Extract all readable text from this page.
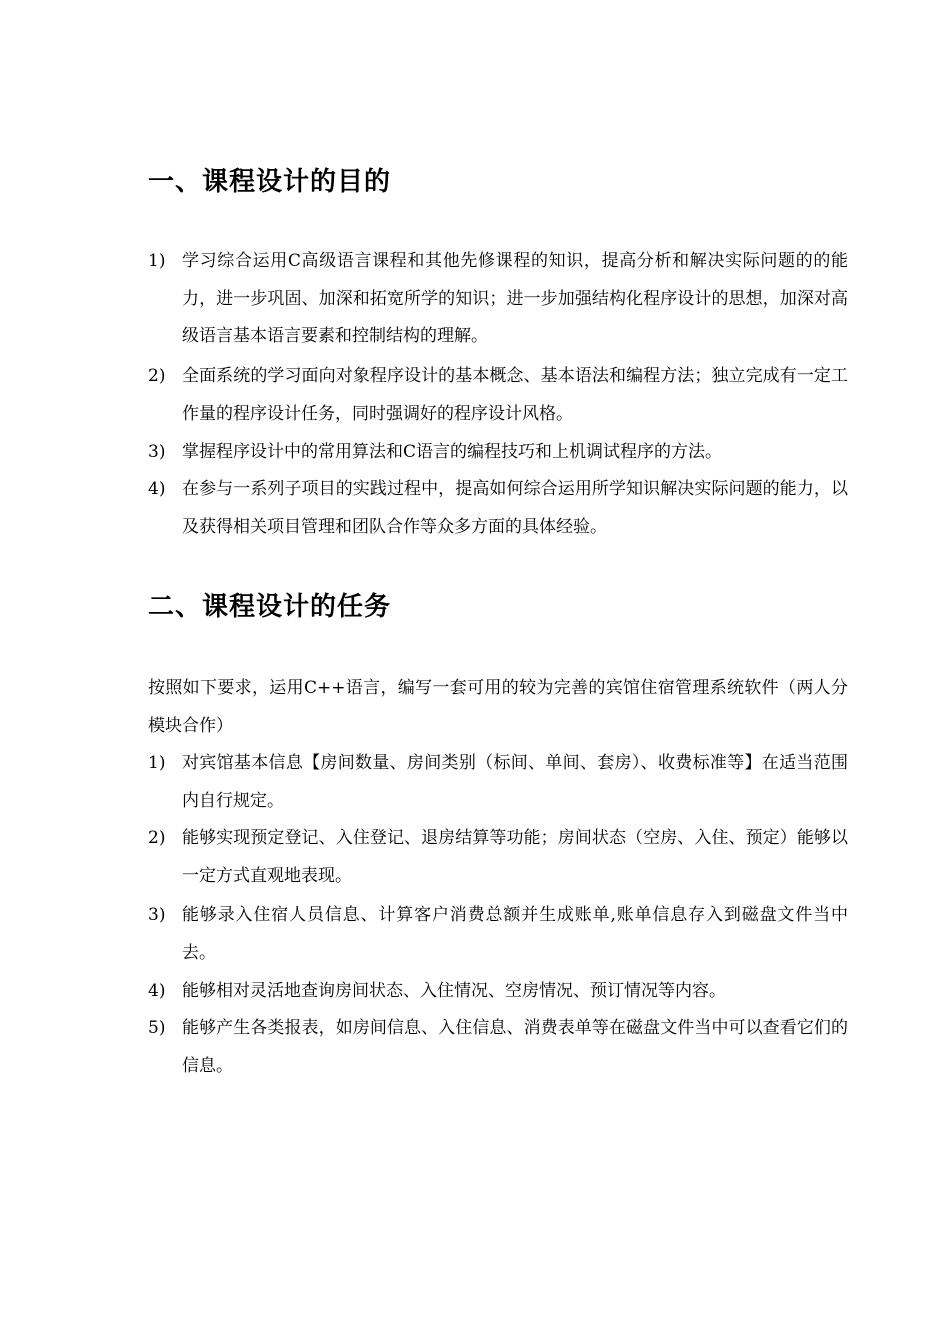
一、课程设计的目的
1) 学习综合运用C高级语言课程和其他先修课程的知识，提高分析和解决实际问题的的能力，进一步巩固、加深和拓宽所学的知识；进一步加强结构化程序设计的思想，加深对高级语言基本语言要素和控制结构的理解。
2) 全面系统的学习面向对象程序设计的基本概念、基本语法和编程方法；独立完成有一定工作量的程序设计任务，同时强调好的程序设计风格。
3) 掌握程序设计中的常用算法和C语言的编程技巧和上机调试程序的方法。
4) 在参与一系列子项目的实践过程中，提高如何综合运用所学知识解决实际问题的能力，以及获得相关项目管理和团队合作等众多方面的具体经验。
二、课程设计的任务

按照如下要求，运用C++语言，编写一套可用的较为完善的宾馆住宿管理系统软件（两人分模块合作）

1) 对宾馆基本信息【房间数量、房间类别（标间、单间、套房）、收费标准等】在适当范围内自行规定。
2) 能够实现预定登记、入住登记、退房结算等功能；房间状态（空房、入住、预定）能够以一定方式直观地表现。
3) 能够录入住宿人员信息、计算客户消费总额并生成账单,账单信息存入到磁盘文件当中去。
4) 能够相对灵活地查询房间状态、入住情况、空房情况、预订情况等内容。
5) 能够产生各类报表，如房间信息、入住信息、消费表单等在磁盘文件当中可以查看它们的信息。
